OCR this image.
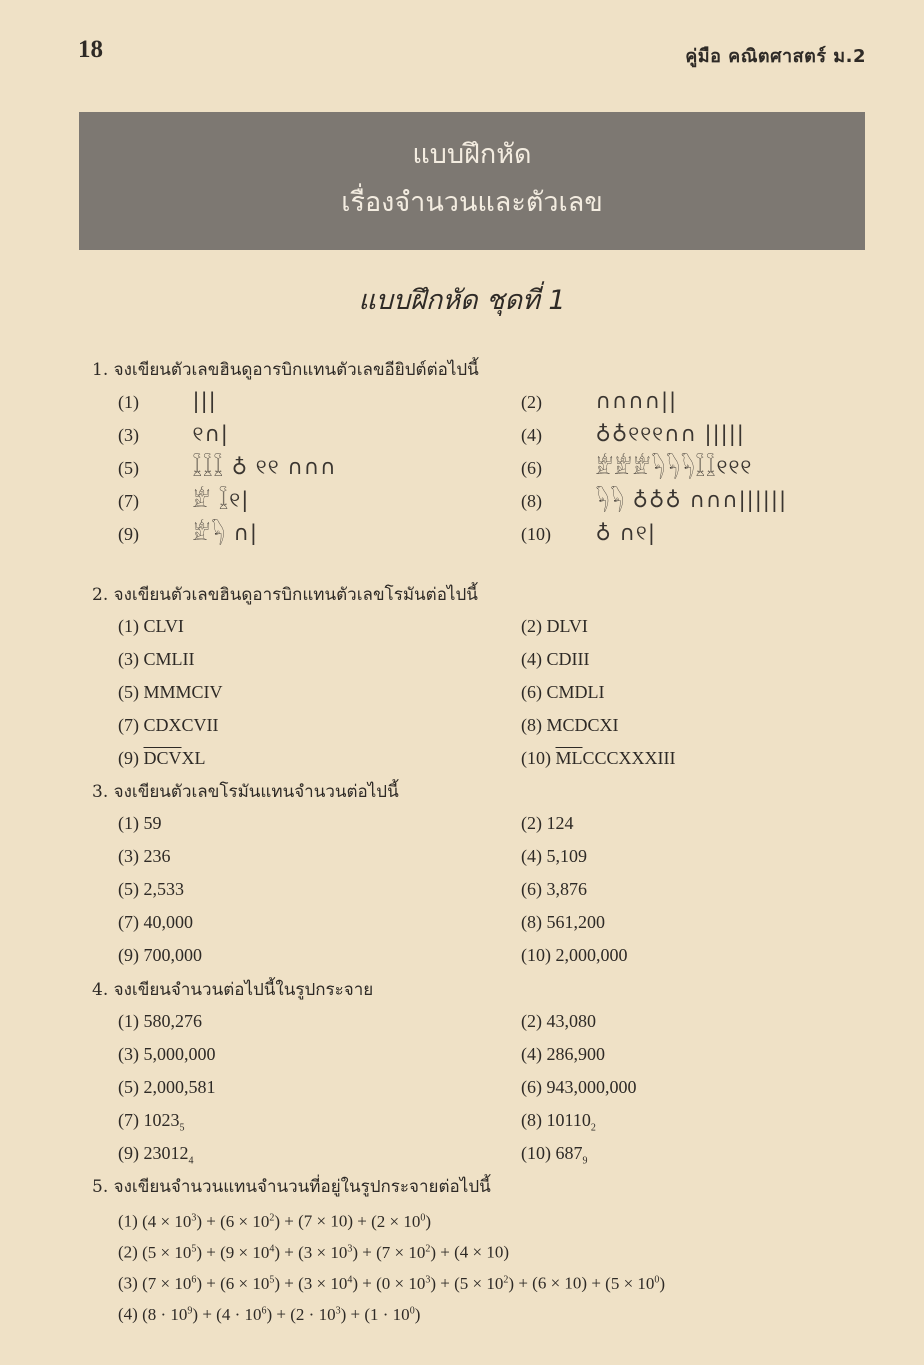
18	คู่มือ คณิตศาสตร์ ม.2
แบบฝึกหัด
เรื่องจำนวนและตัวเลข
แบบฝึกหัด ชุดที่ 1
1. จงเขียนตัวเลขฮินดูอารบิกแทนตัวเลขอียิปต์ต่อไปนี้
(1)	|||	(2)	∩∩∩∩||
(3)	୧∩|	(4)	♁♁୧୧୧∩∩ |||||
(5)	𓆼𓆼𓆼 ♁ ୧୧ ∩∩∩	(6)	𓁨𓁨𓁨𓆐𓆐𓆐𓆼𓆼୧୧୧
(7)	𓁨 𓆼୧|	(8)	𓆐𓆐 ♁♁♁ ∩∩∩||||||
(9)	𓁨𓆐 ∩|	(10) ♁ ∩୧|
2. จงเขียนตัวเลขฮินดูอารบิกแทนตัวเลขโรมันต่อไปนี้
(1) CLVI	(2) DLVI
(3) CMLII	(4) CDIII
(5) MMMCIV	(6) CMDLI
(7) CDXCVII	(8) MCDCXI
(9) $\overline{DCV}XL$	(10) $\overline{ML}CCCXXXIII$
3. จงเขียนตัวเลขโรมันแทนจำนวนต่อไปนี้
(1) 59	(2) 124
(3) 236	(4) 5,109
(5) 2,533	(6) 3,876
(7) 40,000	(8) 561,200
(9) 700,000	(10) 2,000,000
4. จงเขียนจำนวนต่อไปนี้ในรูปกระจาย
(1) 580,276	(2) 43,080
(3) 5,000,000	(4) 286,900
(5) 2,000,581	(6) 943,000,000
(7) $1023_5$	(8) $10110_2$
(9) $23012_4$	(10) $687_9$
5. จงเขียนจำนวนแทนจำนวนที่อยู่ในรูปกระจายต่อไปนี้
(1) $(4 \times 10^3) + (6 \times 10^2) + (7 \times 10) + (2 \times 10^0)$
(2) $(5 \times 10^5) + (9 \times 10^4) + (3 \times 10^3) + (7 \times 10^2) + (4 \times 10)$
(3) $(7 \times 10^6) + (6 \times 10^5) + (3 \times 10^4) + (0 \times 10^3) + (5 \times 10^2) + (6 \times 10) + (5 \times 10^0)$
(4) $(8 \cdot 10^9) + (4 \cdot 10^6) + (2 \cdot 10^3) + (1 \cdot 10^0)$
